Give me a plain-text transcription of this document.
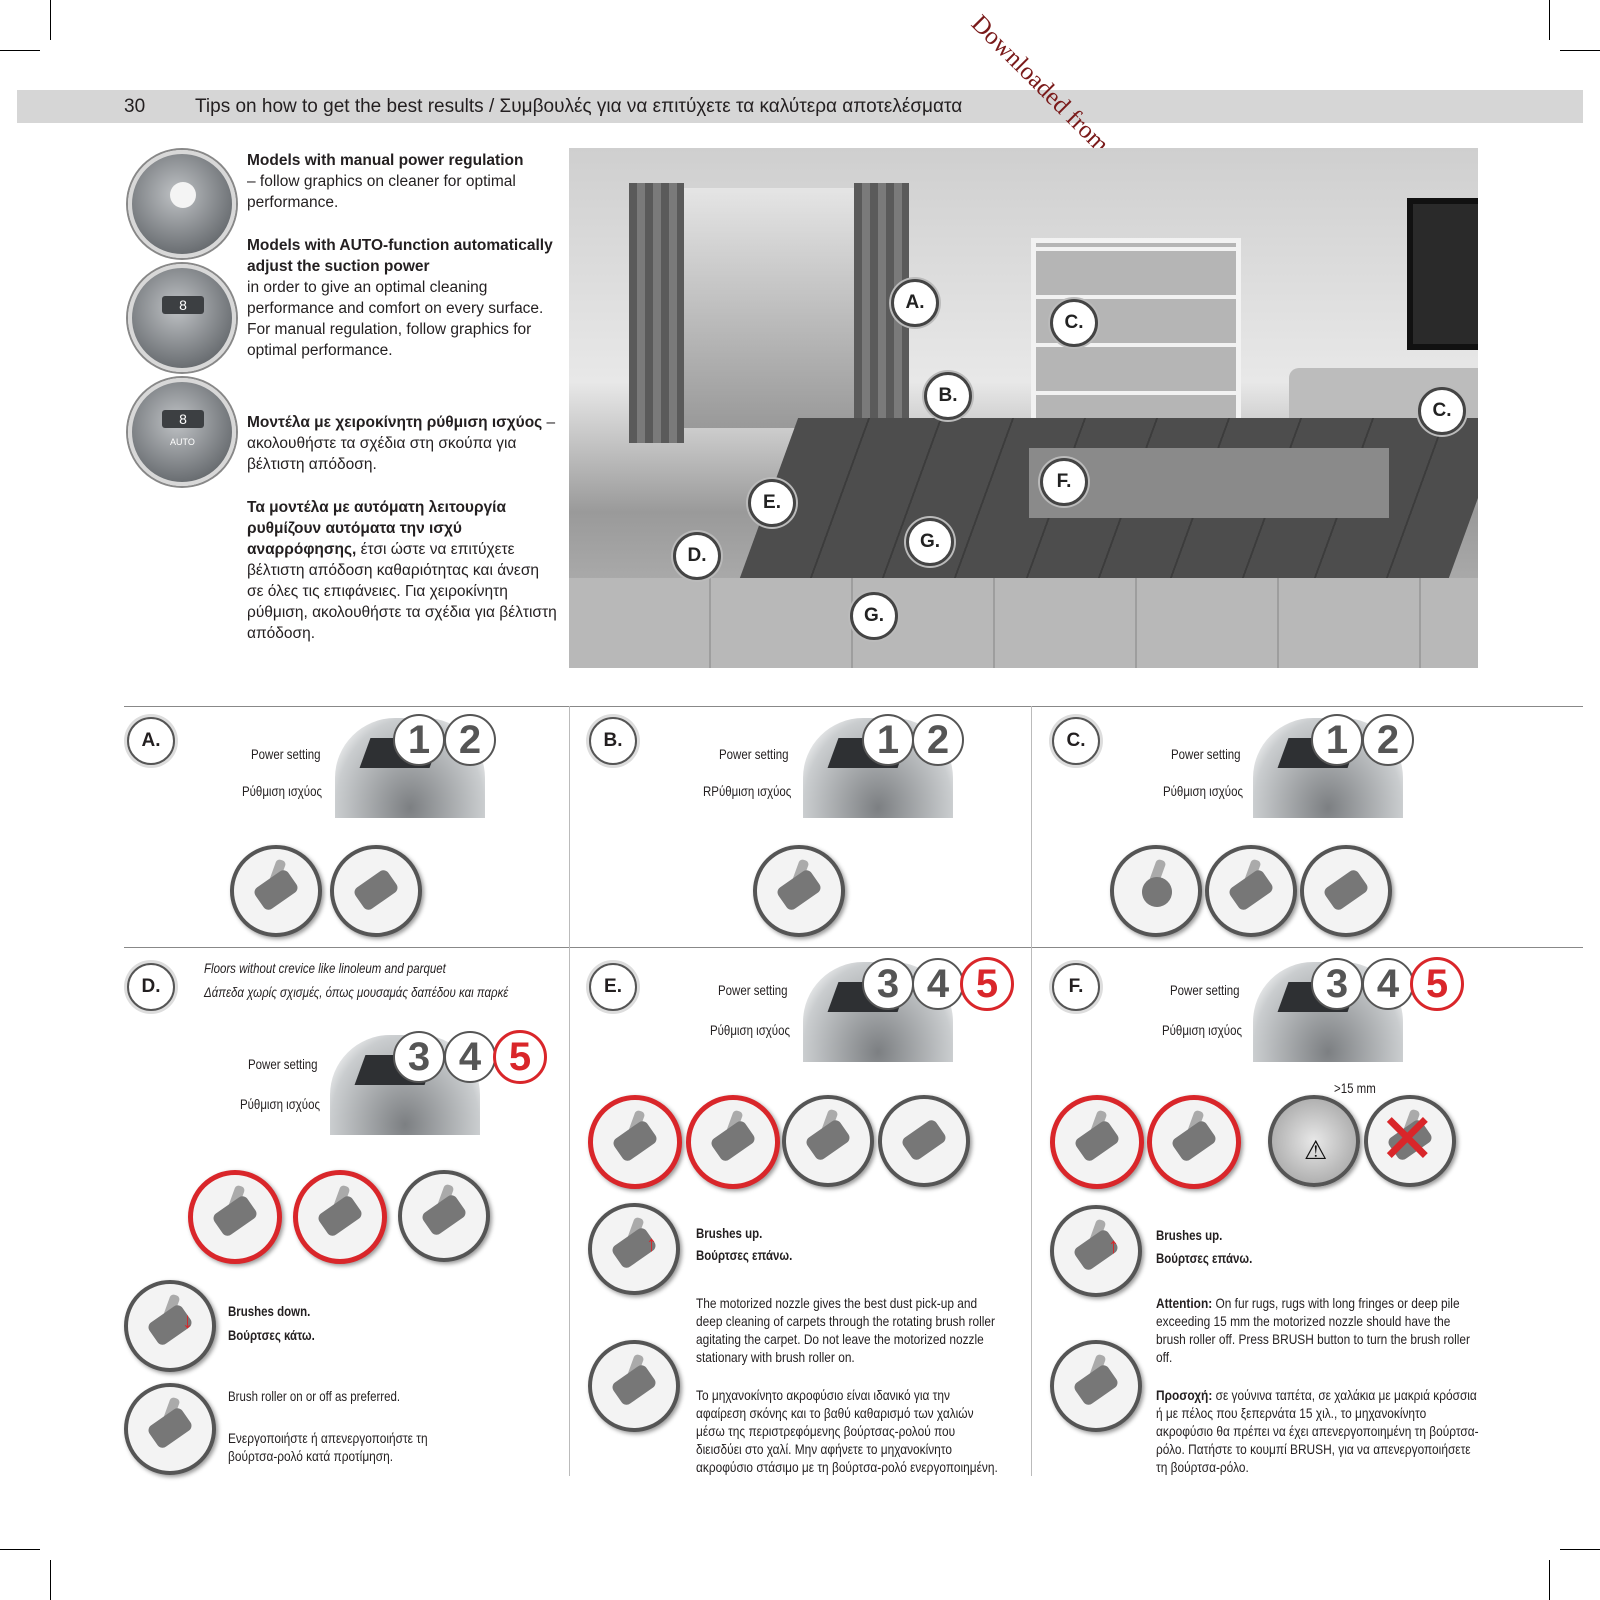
30	Tips on how to get the best results / Συμβουλές για να επιτύχετε τα καλύτερα αποτελέσματα
8
8
AUTO
Models with manual power regulation
– follow graphics on cleaner for optimal performance.
Models with AUTO-function automatically adjust the suction power
in order to give an optimal cleaning performance and comfort on every surface. For manual regulation, follow graphics for optimal performance.
Μοντέλα με χειροκίνητη ρύθμιση ισχύος – ακολουθήστε τα σχέδια στη σκούπα για βέλτιστη απόδοση.
Τα μοντέλα με αυτόματη λειτουργία ρυθμίζουν αυτόματα την ισχύ αναρρόφησης, έτσι ώστε να επιτύχετε βέλτιστη απόδοση καθαριότητας και άνεση σε όλες τις επιφάνειες. Για χειροκίνητη ρύθμιση, ακολουθήστε τα σχέδια για βέλτιστη απόδοση.
A.
B.
C.
C.
D.
E.
F.
G.
G.
A.
Power setting
Ρύθμιση ισχύος
1 2	B.
Power setting
RΡύθμιση ισχύος
1 2	C.
Power setting
Ρύθμιση ισχύος
1 2
D.
Floors without crevice like linoleum and parquet
Δάπεδα χωρίς σχισμές, όπως μουσαμάς δαπέδου και παρκέ
Power setting
Ρύθμιση ισχύος
3 4 5
↓	Brushes down.
Βούρτσες κάτω.
Brush roller on or off as preferred.
Ενεργοποιήστε ή απενεργοποιήστε τη βούρτσα-ρολό κατά προτίμηση.
E.	Power setting
Ρύθμιση ισχύος
3 4 5
↑	Brushes up.
Βούρτσες επάνω.
The motorized nozzle gives the best dust pick-up and deep cleaning of carpets through the rotating brush roller agitating the carpet. Do not leave the motorized nozzle stationary with brush roller on.
Το μηχανοκίνητο ακροφύσιο είναι ιδανικό για την αφαίρεση σκόνης και το βαθύ καθαρισμό των χαλιών μέσω της περιστρεφόμενης βούρτσας-ρολού που διεισδύει στο χαλί. Μην αφήνετε το μηχανοκίνητο ακροφύσιο στάσιμο με τη βούρτσα-ρολό ενεργοποιημένη.
F.	Power setting
Ρύθμιση ισχύος
3 4 5
⚠
>15 mm
✕
↑	Brushes up.
Βούρτσες επάνω.
Attention: On fur rugs, rugs with long fringes or deep pile exceeding 15 mm the motorized nozzle should have the brush roller off. Press BRUSH button to turn the brush roller off.
Προσοχή: σε γούνινα ταπέτα, σε χαλάκια με μακριά κρόσσια ή με πέλος που ξεπερνάτα 15 χιλ., το μηχανοκίνητο ακροφύσιο θα πρέπει να έχει απενεργοποιημένη τη βούρτσα-ρόλο. Πατήστε το κουμπί BRUSH, για να απενεργοποιήσετε τη βούρτσα-ρόλο.
